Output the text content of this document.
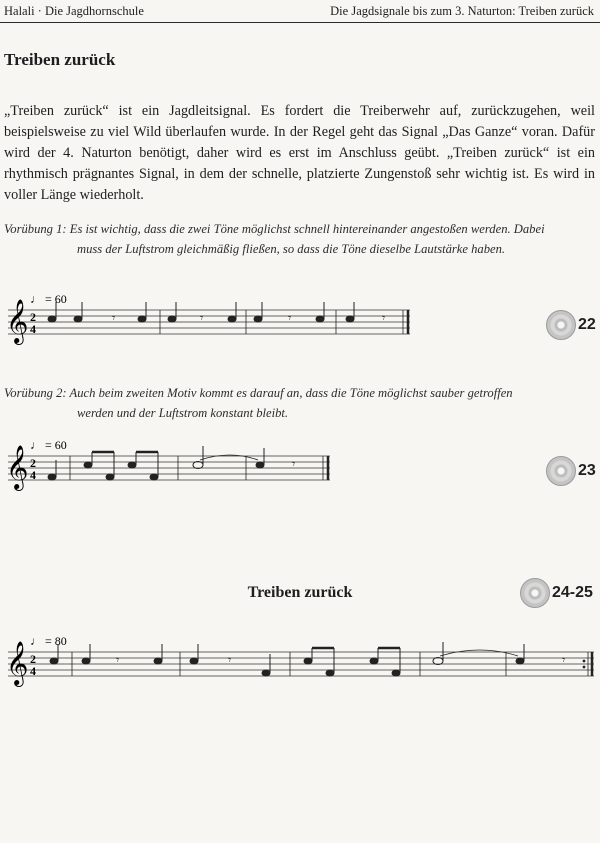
Halali · Die Jagdhornschule	Die Jagdsignale bis zum 3. Naturton: Treiben zurück
Treiben zurück

„Treiben zurück“ ist ein Jagdleitsignal. Es fordert die Treiberwehr auf, zurückzugehen, weil beispielsweise zu viel Wild überlaufen wurde. In der Regel geht das Signal „Das Ganze“ voran. Dafür wird der 4. Naturton benötigt, daher wird es erst im Anschluss geübt. „Treiben zurück“ ist ein rhythmisch prägnantes Signal, in dem der schnelle, platzierte Zungenstoß sehr wichtig ist. Es wird in voller Länge wiederholt.

Vorübung 1: Es ist wichtig, dass die zwei Töne möglichst schnell hintereinander angestoßen werden. Dabei
muss der Luftstrom gleichmäßig fließen, so dass die Töne dieselbe Lautstärke haben.

♩ = 60
𝄞 2
4
𝄾	𝄾	𝄾	𝄾	22

Vorübung 2: Auch beim zweiten Motiv kommt es darauf an, dass die Töne möglichst sauber getroffen
werden und der Luftstrom konstant bleibt.

♩ = 60
𝄞 2
4
𝄾	23
Treiben zurück	24-25
♩ = 80
𝄞 2
4
𝄾	𝄾	𝄾
